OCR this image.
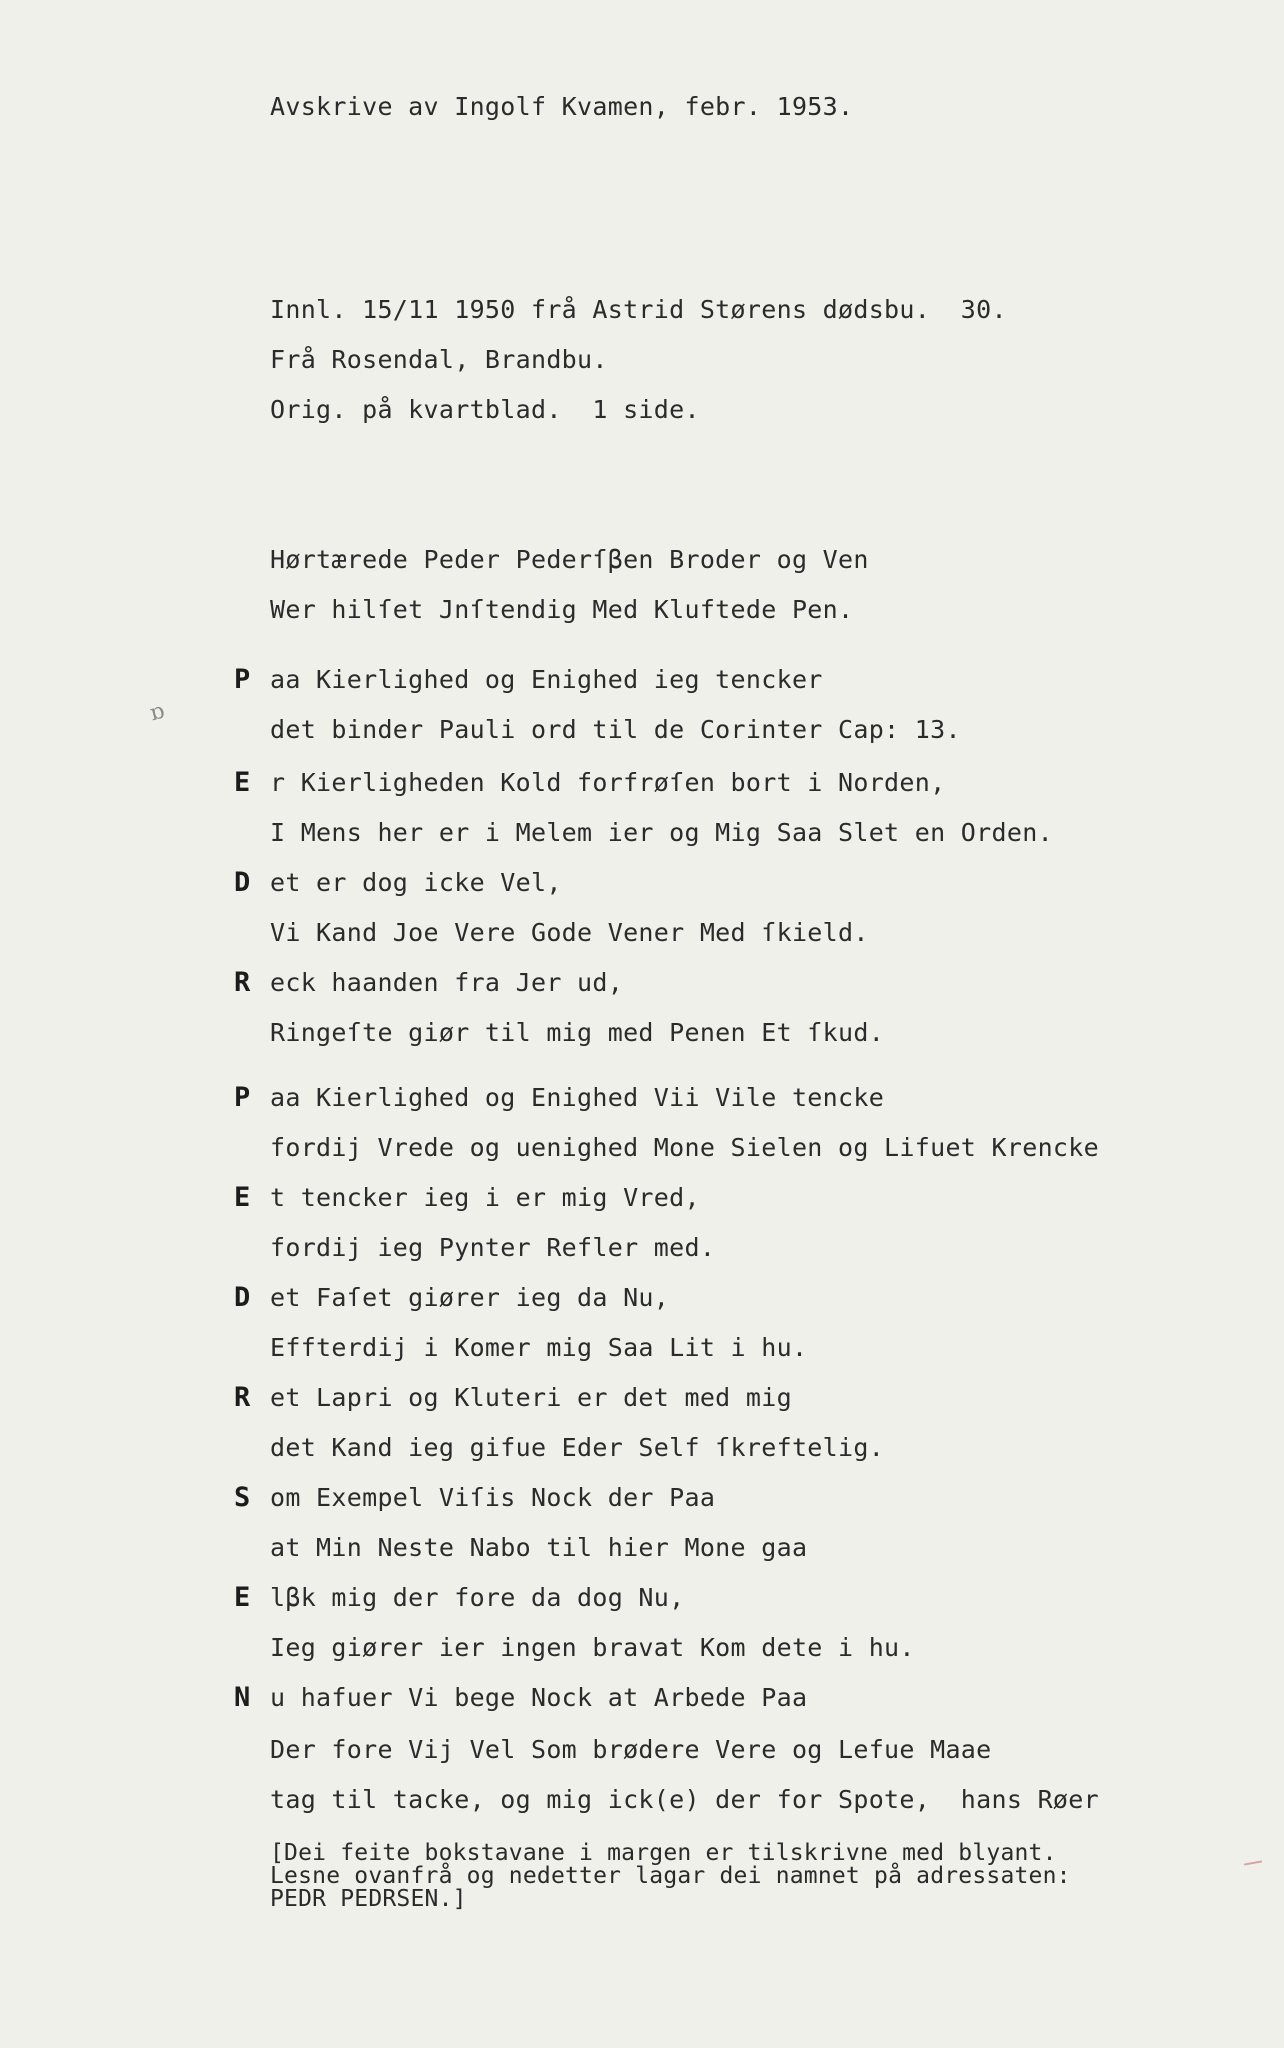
Avskrive av Ingolf Kvamen, febr. 1953.
Innl. 15/11 1950 frå Astrid Størens dødsbu.  30.
Frå Rosendal, Brandbu.
Orig. på kvartblad.  1 side.
Hørtærede Peder Pederſβen Broder og Ven
Wer hilſet Jnſtendig Med Kluftede Pen.
ɒ
P aa Kierlighed og Enighed ieg tencker
det binder Pauli ord til de Corinter Cap: 13.
E r Kierligheden Kold forfrøſen bort i Norden,
I Mens her er i Melem ier og Mig Saa Slet en Orden.
D et er dog icke Vel,
Vi Kand Joe Vere Gode Vener Med ſkield.
R eck haanden fra Jer ud,
Ringeſte giør til mig med Penen Et ſkud.
P aa Kierlighed og Enighed Vii Vile tencke
fordij Vrede og uenighed Mone Sielen og Lifuet Krencke
E t tencker ieg i er mig Vred,
fordij ieg Pynter Refler med.
D et Faſet giører ieg da Nu,
Effterdij i Komer mig Saa Lit i hu.
R et Lapri og Kluteri er det med mig
det Kand ieg gifue Eder Self ſkreftelig.
S om Exempel Viſis Nock der Paa
at Min Neste Nabo til hier Mone gaa
E lβk mig der fore da dog Nu,
Ieg giører ier ingen bravat Kom dete i hu.
N u hafuer Vi bege Nock at Arbede Paa
Der fore Vij Vel Som brødere Vere og Lefue Maae
tag til tacke, og mig ick(e) der for Spote,  hans Røer
[Dei feite bokstavane i margen er tilskrivne med blyant.
Lesne ovanfrå og nedetter lagar dei namnet på adressaten:
PEDR PEDRSEN.]
